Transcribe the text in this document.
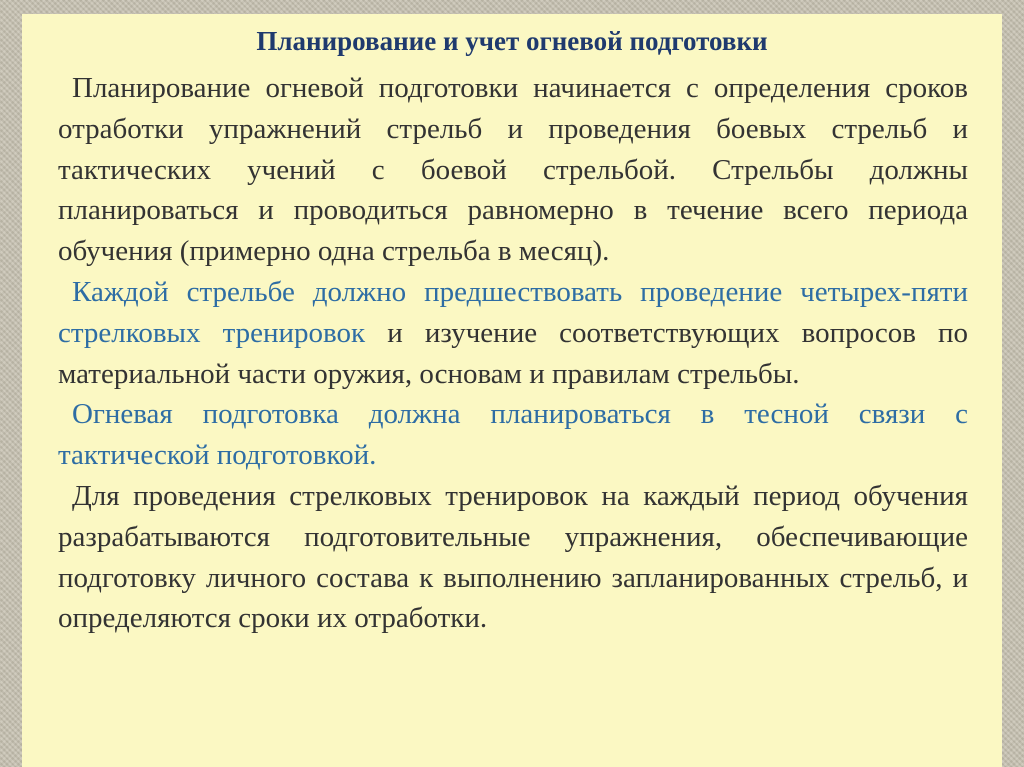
Планирование и учет огневой подготовки

Планирование огневой подготовки начинается с определения сроков отработки упражнений стрельб и проведения боевых стрельб и тактических учений с боевой стрельбой. Стрельбы должны планироваться и проводиться равномерно в течение всего периода обучения (примерно одна стрельба в месяц).

Каждой стрельбе должно предшествовать проведение четырех-пяти стрелковых тренировок и изучение соответствующих вопросов по материальной части оружия, основам и правилам стрельбы.

Огневая подготовка должна планироваться в тесной связи с тактической подготовкой.

Для проведения стрелковых тренировок на каждый период обучения разрабатываются подготовительные упражнения, обеспечивающие подготовку личного состава к выполнению запланированных стрельб, и определяются сроки их отработки.
